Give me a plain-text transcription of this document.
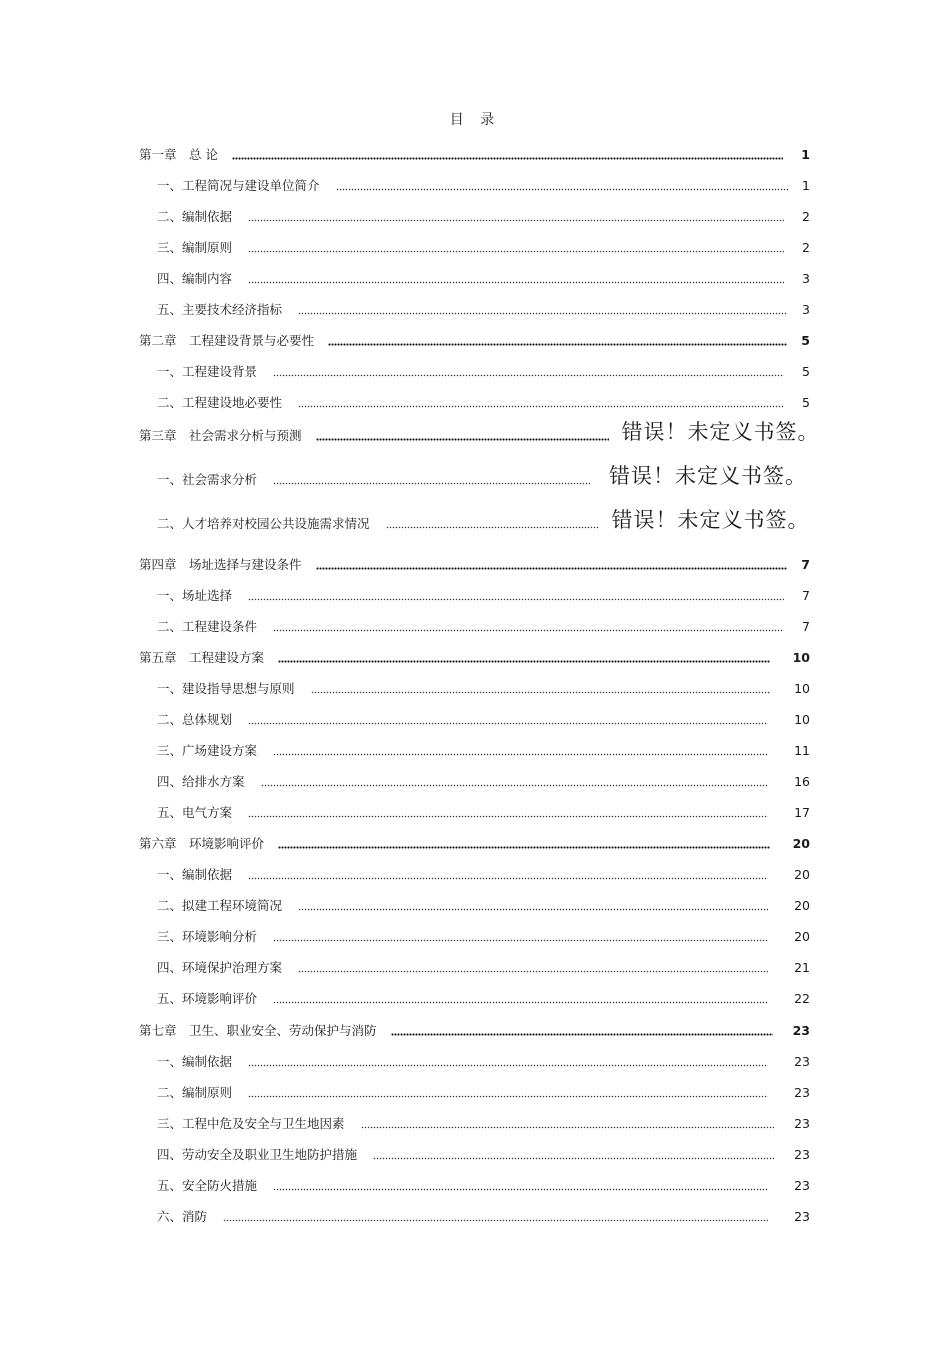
目 录
第一章　总 论	1
一、工程简况与建设单位简介	1
二、编制依据	2
三、编制原则	2
四、编制内容	3
五、主要技术经济指标	3
第二章　工程建设背景与必要性	5
一、工程建设背景	5
二、工程建设地必要性	5
第三章　社会需求分析与预测	错误！未定义书签。
一、社会需求分析	错误！未定义书签。
二、人才培养对校园公共设施需求情况	错误！未定义书签。
第四章　场址选择与建设条件	7
一、场址选择	7
二、工程建设条件	7
第五章　工程建设方案	10
一、建设指导思想与原则	10
二、总体规划	10
三、广场建设方案	11
四、给排水方案	16
五、电气方案	17
第六章　环境影响评价	20
一、编制依据	20
二、拟建工程环境简况	20
三、环境影响分析	20
四、环境保护治理方案	21
五、环境影响评价	22
第七章　卫生、职业安全、劳动保护与消防	23
一、编制依据	23
二、编制原则	23
三、工程中危及安全与卫生地因素	23
四、劳动安全及职业卫生地防护措施	23
五、安全防火措施	23
六、消防	23
